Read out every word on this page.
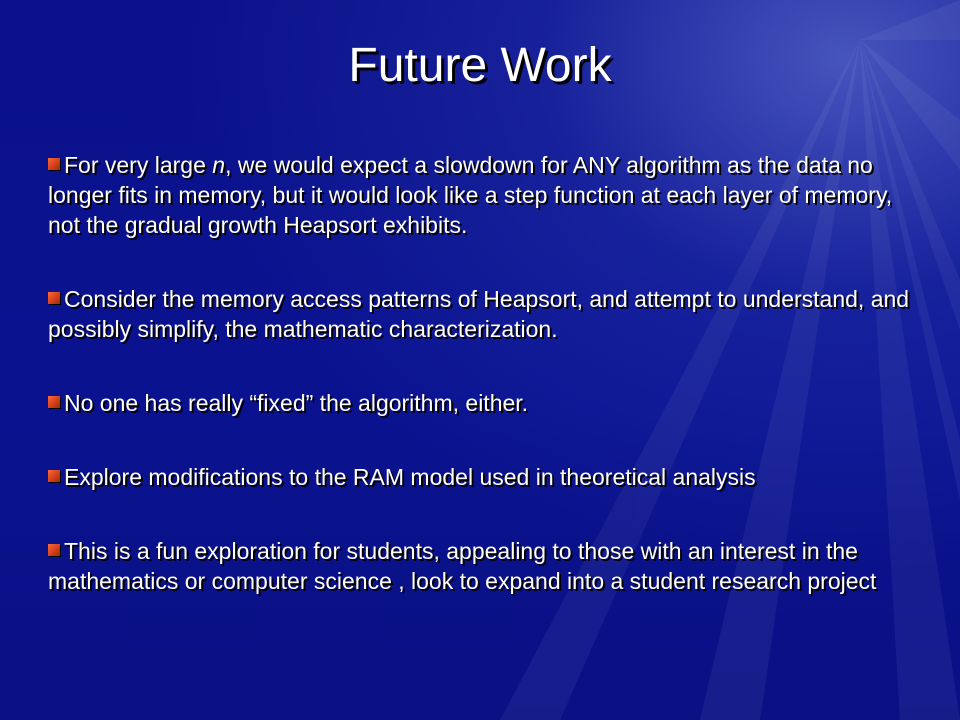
Future Work
For very large n, we would expect a slowdown for ANY algorithm as the data no longer fits in memory, but it would look like a step function at each layer of memory, not the gradual growth Heapsort exhibits.
Consider the memory access patterns of Heapsort, and attempt to understand, and possibly simplify, the mathematic characterization.
No one has really “fixed” the algorithm, either.
Explore modifications to the RAM model used in theoretical analysis
This is a fun exploration for students, appealing to those with an interest in the mathematics or computer science , look to expand into a student research project
